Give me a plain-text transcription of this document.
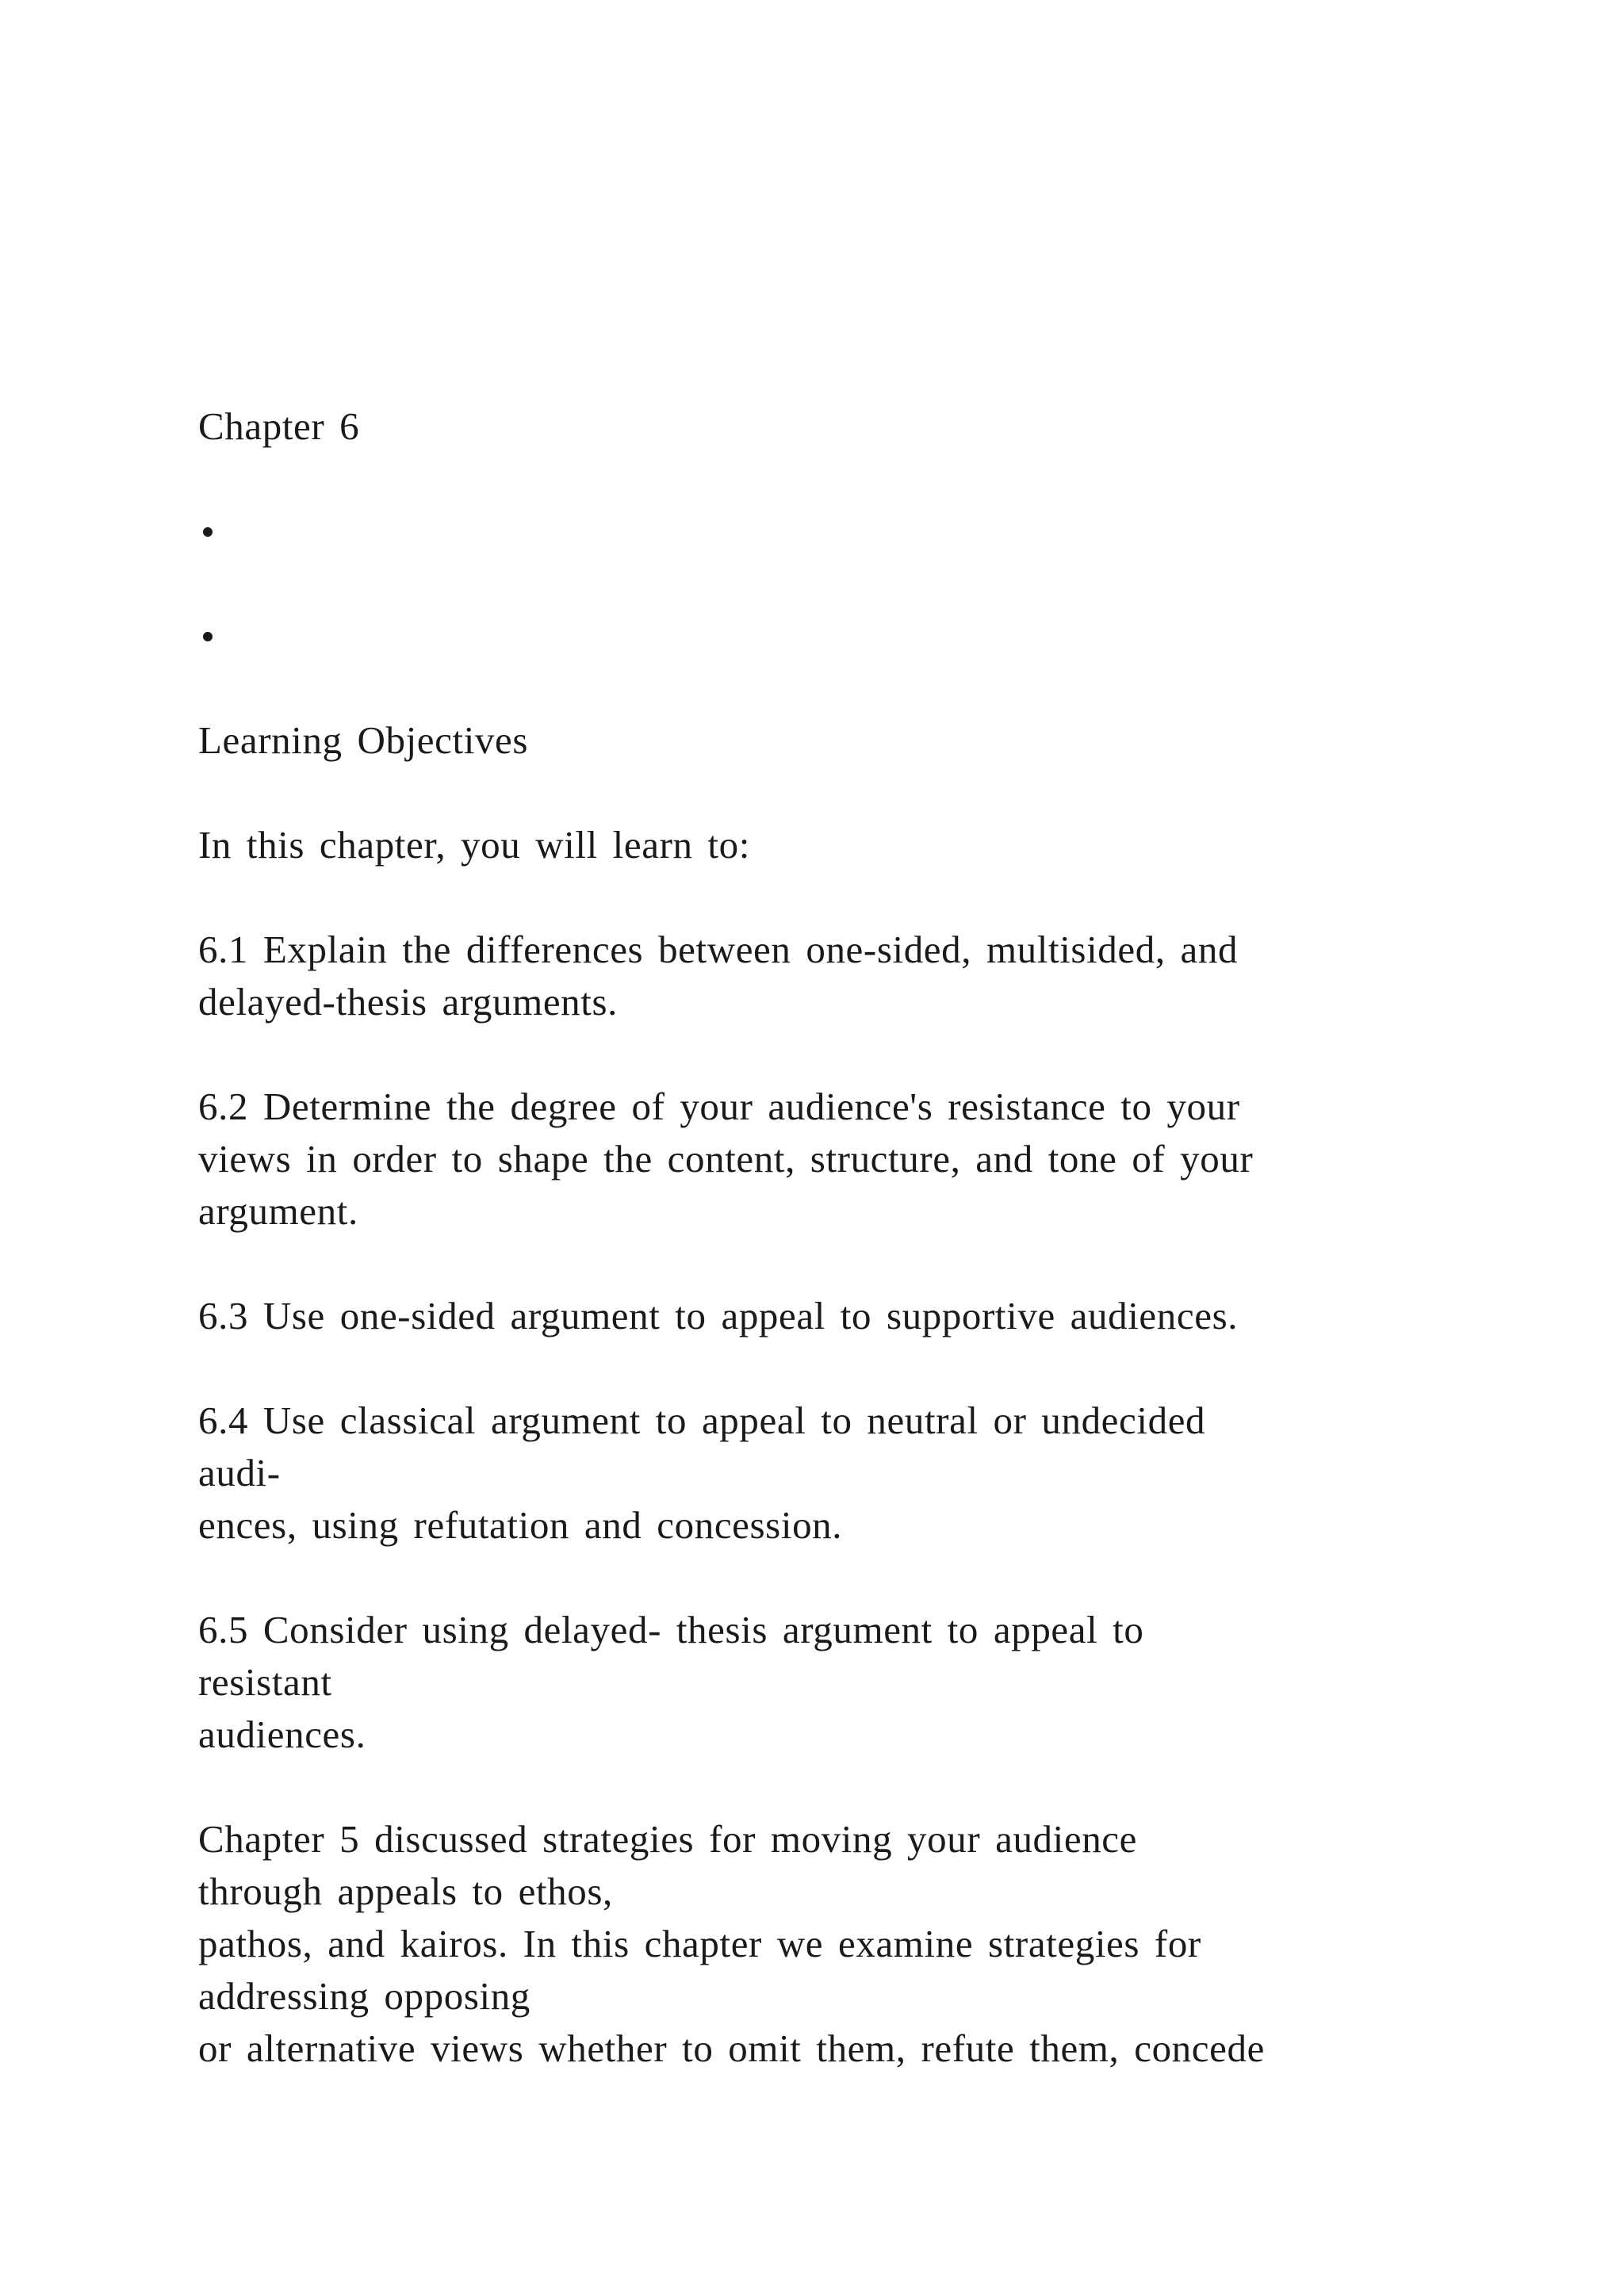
Chapter 6
Learning Objectives
In this chapter, you will learn to:
6.1 Explain the differences between one-sided, multisided, and
delayed-thesis arguments.
6.2 Determine the degree of your audience's resistance to your
views in order to shape the content, structure, and tone of your
argument.
6.3 Use one-sided argument to appeal to supportive audiences.
6.4 Use classical argument to appeal to neutral or undecided
audi-
ences, using refutation and concession.
6.5 Consider using delayed- thesis argument to appeal to
resistant
audiences.
Chapter 5 discussed strategies for moving your audience
through appeals to ethos,
pathos, and kairos. In this chapter we examine strategies for
addressing opposing
or alternative views whether to omit them, refute them, concede
